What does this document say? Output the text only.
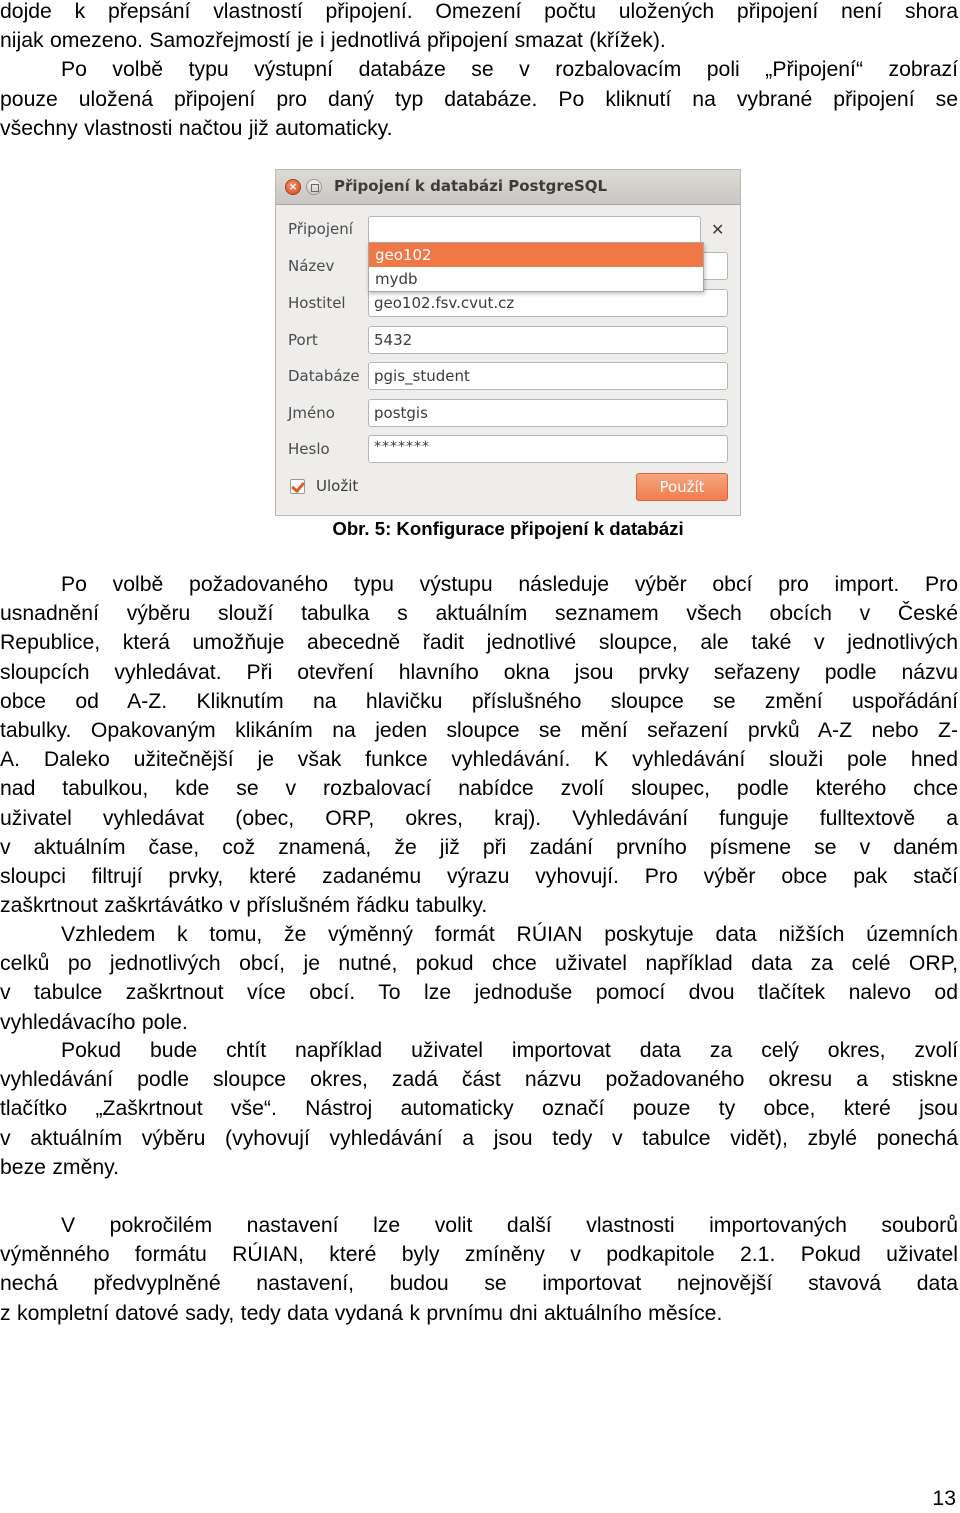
dojde k přepsání vlastností připojení. Omezení počtu uložených připojení není shora
nijak omezeno. Samozřejmostí je i jednotlivá připojení smazat (křížek).
Po volbě typu výstupní databáze se v rozbalovacím poli „Připojení“ zobrazí
pouze uložená připojení pro daný typ databáze. Po kliknutí na vybrané připojení se
všechny vlastnosti načtou již automaticky.
× Připojení k databázi PostgreSQL
Připojení	✕
Název
Hostitel	geo102.fsv.cvut.cz
Port	5432
Databáze pgis_student
Jméno	postgis
Heslo	*******
geo102
mydb
Uložit	Použít
Obr. 5: Konfigurace připojení k databázi
Po volbě požadovaného typu výstupu následuje výběr obcí pro import. Pro
usnadnění výběru slouží tabulka s aktuálním seznamem všech obcích v České
Republice, která umožňuje abecedně řadit jednotlivé sloupce, ale také v jednotlivých
sloupcích vyhledávat. Při otevření hlavního okna jsou prvky seřazeny podle názvu
obce od A-Z. Kliknutím na hlavičku příslušného sloupce se změní uspořádání
tabulky. Opakovaným klikáním na jeden sloupce se mění seřazení prvků A-Z nebo Z-
A. Daleko užitečnější je však funkce vyhledávání. K vyhledávání slouži pole hned
nad tabulkou, kde se v rozbalovací nabídce zvolí sloupec, podle kterého chce
uživatel vyhledávat (obec, ORP, okres, kraj). Vyhledávání funguje fulltextově a
v aktuálním čase, což znamená, že již při zadání prvního písmene se v daném
sloupci filtrují prvky, které zadanému výrazu vyhovují. Pro výběr obce pak stačí
zaškrtnout zaškrtávátko v příslušném řádku tabulky.
Vzhledem k tomu, že výměnný formát RÚIAN poskytuje data nižších územních
celků po jednotlivých obcí, je nutné, pokud chce uživatel například data za celé ORP,
v tabulce zaškrtnout více obcí. To lze jednoduše pomocí dvou tlačítek nalevo od
vyhledávacího pole.
Pokud bude chtít například uživatel importovat data za celý okres, zvolí
vyhledávání podle sloupce okres, zadá část názvu požadovaného okresu a stiskne
tlačítko „Zaškrtnout vše“. Nástroj automaticky označí pouze ty obce, které jsou
v aktuálním výběru (vyhovují vyhledávání a jsou tedy v tabulce vidět), zbylé ponechá
beze změny.
V pokročilém nastavení lze volit další vlastnosti importovaných souborů
výměnného formátu RÚIAN, které byly zmíněny v podkapitole 2.1. Pokud uživatel
nechá předvyplněné nastavení, budou se importovat nejnovější stavová data
z kompletní datové sady, tedy data vydaná k prvnímu dni aktuálního měsíce.
13
